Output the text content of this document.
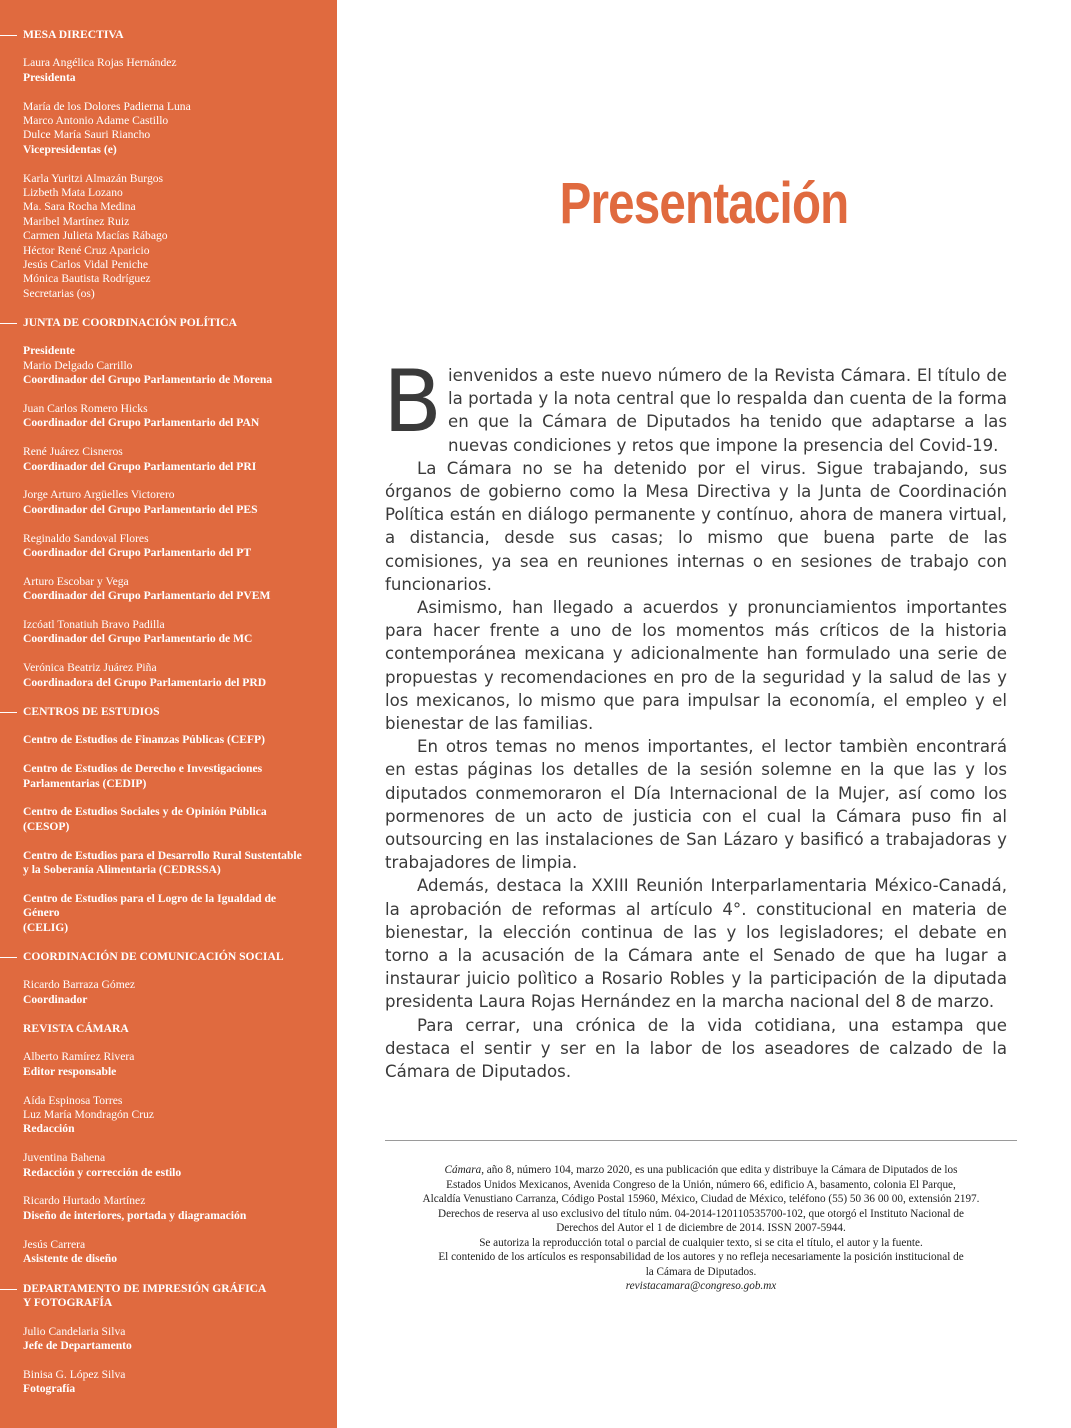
MESA DIRECTIVA
Laura Angélica Rojas Hernández
Presidenta
María de los Dolores Padierna Luna
Marco Antonio Adame Castillo
Dulce María Sauri Riancho
Vicepresidentas (e)
Karla Yuritzi Almazán Burgos
Lizbeth Mata Lozano
Ma. Sara Rocha Medina
Maribel Martínez Ruiz
Carmen Julieta Macías Rábago
Héctor René Cruz Aparicio
Jesús Carlos Vidal Peniche
Mónica Bautista Rodríguez
Secretarias (os)
JUNTA DE COORDINACIÓN POLÍTICA
Presidente
Mario Delgado Carrillo
Coordinador del Grupo Parlamentario de Morena
Juan Carlos Romero Hicks
Coordinador del Grupo Parlamentario del PAN
René Juárez Cisneros
Coordinador del Grupo Parlamentario del PRI
Jorge Arturo Argüelles Victorero
Coordinador del Grupo Parlamentario del PES
Reginaldo Sandoval Flores
Coordinador del Grupo Parlamentario del PT
Arturo Escobar y Vega
Coordinador del Grupo Parlamentario del PVEM
Izcóatl Tonatiuh Bravo Padilla
Coordinador del Grupo Parlamentario de MC
Verónica Beatriz Juárez Piña
Coordinadora del Grupo Parlamentario del PRD
CENTROS DE ESTUDIOS
Centro de Estudios de Finanzas Públicas (CEFP)
Centro de Estudios de Derecho e Investigaciones
Parlamentarias (CEDIP)
Centro de Estudios Sociales y de Opinión Pública
(CESOP)
Centro de Estudios para el Desarrollo Rural Sustentable
y la Soberanía Alimentaria (CEDRSSA)
Centro de Estudios para el Logro de la Igualdad de
Género
(CELIG)
COORDINACIÓN DE COMUNICACIÓN SOCIAL
Ricardo Barraza Gómez
Coordinador
REVISTA CÁMARA
Alberto Ramírez Rivera
Editor responsable
Aída Espinosa Torres
Luz María Mondragón Cruz
Redacción
Juventina Bahena
Redacción y corrección de estilo
Ricardo Hurtado Martínez
Diseño de interiores, portada y diagramación
Jesús Carrera
Asistente de diseño
DEPARTAMENTO DE IMPRESIÓN GRÁFICA
Y FOTOGRAFÍA
Julio Candelaria Silva
Jefe de Departamento
Binisa G. López Silva
Fotografía
Presentación

Bienvenidos a este nuevo número de la Revista Cámara. El título de la portada y la nota central que lo respalda dan cuenta de la forma en que la Cámara de Diputados ha tenido que adaptarse a las nuevas condiciones y retos que impone la presencia del Covid-19.

La Cámara no se ha detenido por el virus. Sigue trabajando, sus órganos de gobierno como la Mesa Directiva y la Junta de Coordinación Política están en diálogo permanente y contínuo, ahora de manera virtual, a distancia, desde sus casas; lo mismo que buena parte de las comisiones, ya sea en reuniones internas o en sesiones de trabajo con funcionarios.

Asimismo, han llegado a acuerdos y pronunciamientos importantes para hacer frente a uno de los momentos más críticos de la historia contemporánea mexicana y adicionalmente han formulado una serie de propuestas y recomendaciones en pro de la seguridad y la salud de las y los mexicanos, lo mismo que para impulsar la economía, el empleo y el bienestar de las familias.

En otros temas no menos importantes, el lector tambièn encontrará en estas páginas los detalles de la sesión solemne en la que las y los diputados conmemoraron el Día Internacional de la Mujer, así como los pormenores de un acto de justicia con el cual la Cámara puso fin al outsourcing en las instalaciones de San Lázaro y basificó a trabajadoras y trabajadores de limpia.

Además, destaca la XXIII Reunión Interparlamentaria México-Canadá, la aprobación de reformas al artículo 4°. constitucional en materia de bienestar, la elección continua de las y los legisladores; el debate en torno a la acusación de la Cámara ante el Senado de que ha lugar a instaurar juicio polìtico a Rosario Robles y la participación de la diputada presidenta Laura Rojas Hernández en la marcha nacional del 8 de marzo.

Para cerrar, una crónica de la vida cotidiana, una estampa que destaca el sentir y ser en la labor de los aseadores de calzado de la Cámara de Diputados.

Cámara, año 8, número 104, marzo 2020, es una publicación que edita y distribuye la Cámara de Diputados de los
Estados Unidos Mexicanos, Avenida Congreso de la Unión, número 66, edificio A, basamento, colonia El Parque,
Alcaldía Venustiano Carranza, Código Postal 15960, México, Ciudad de México, teléfono (55) 50 36 00 00, extensión 2197.
Derechos de reserva al uso exclusivo del título núm. 04-2014-120110535700-102, que otorgó el Instituto Nacional de
Derechos del Autor el 1 de diciembre de 2014. ISSN 2007-5944.
Se autoriza la reproducción total o parcial de cualquier texto, si se cita el título, el autor y la fuente.
El contenido de los artículos es responsabilidad de los autores y no refleja necesariamente la posición institucional de
la Cámara de Diputados.
revistacamara@congreso.gob.mx
